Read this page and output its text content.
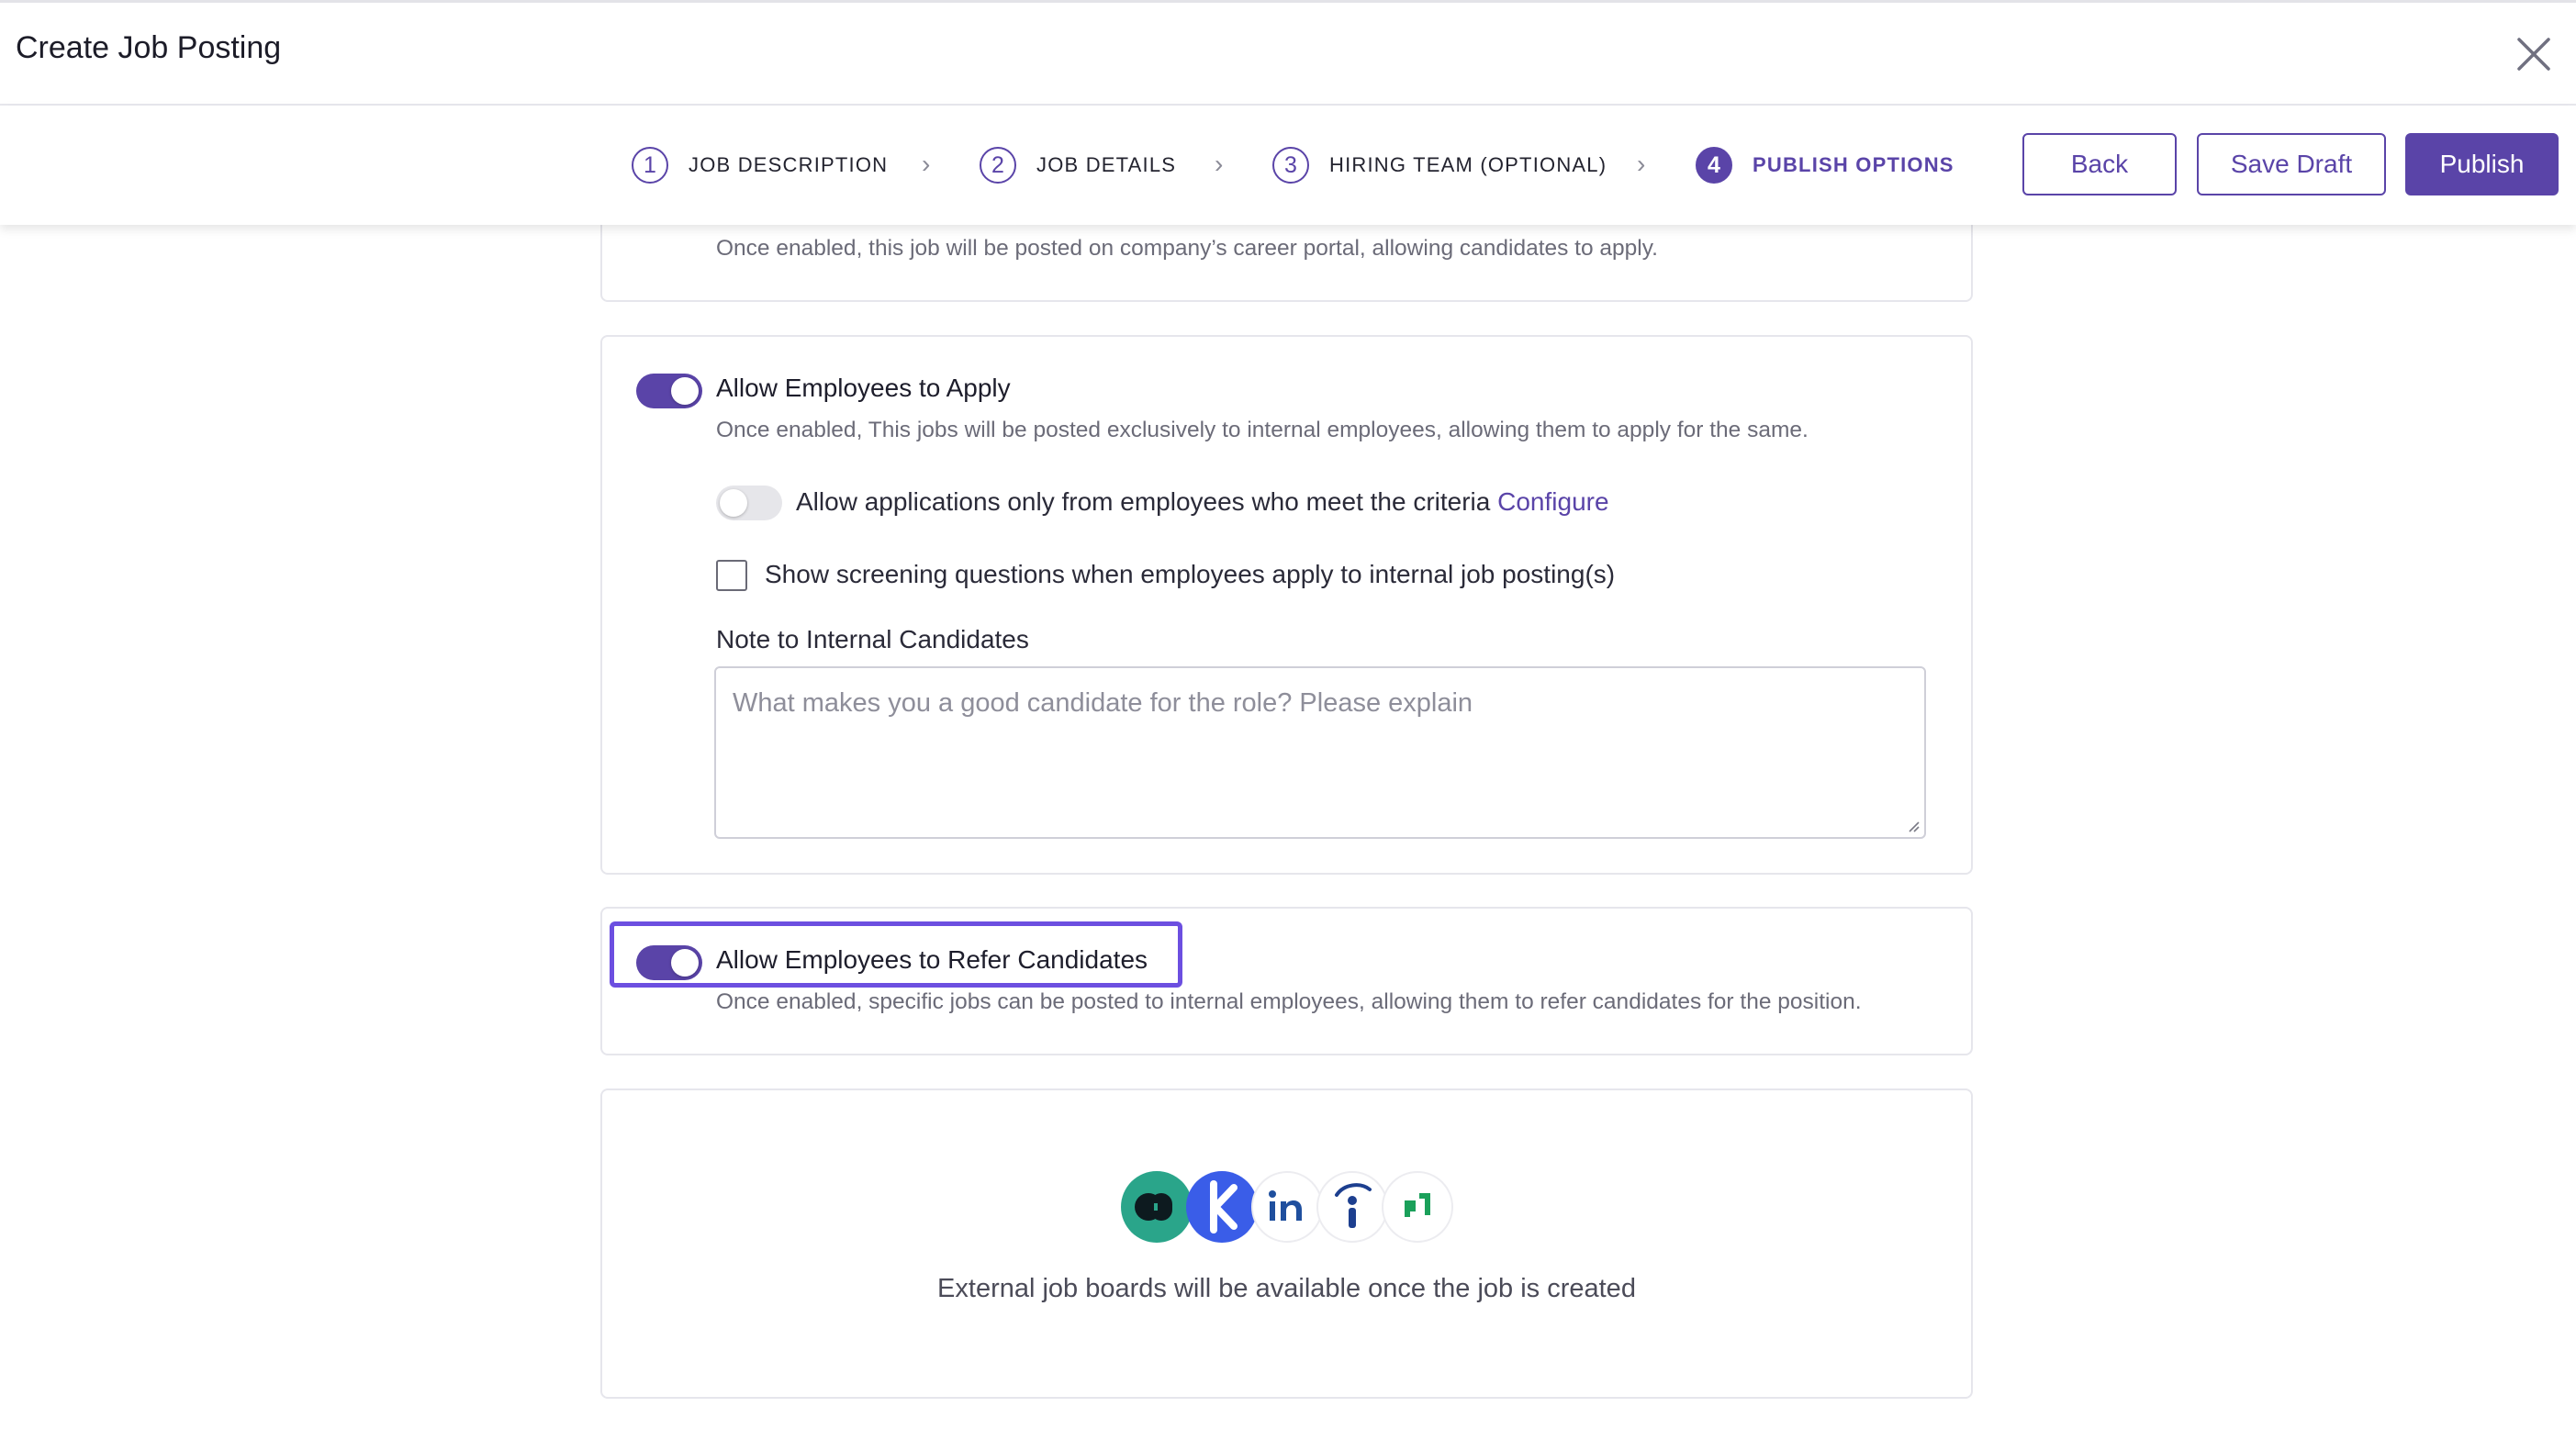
Create Job Posting
1	JOB DESCRIPTION ›	2	JOB DETAILS ›	3	HIRING TEAM (OPTIONAL) ›	4	PUBLISH OPTIONS	Back	Save Draft	Publish
Once enabled, this job will be posted on company’s career portal, allowing candidates to apply.
Allow Employees to Apply
Once enabled, This jobs will be posted exclusively to internal employees, allowing them to apply for the same.
Allow applications only from employees who meet the criteria Configure
Show screening questions when employees apply to internal job posting(s)
Note to Internal Candidates
What makes you a good candidate for the role? Please explain
Allow Employees to Refer Candidates
Once enabled, specific jobs can be posted to internal employees, allowing them to refer candidates for the position.
External job boards will be available once the job is created
